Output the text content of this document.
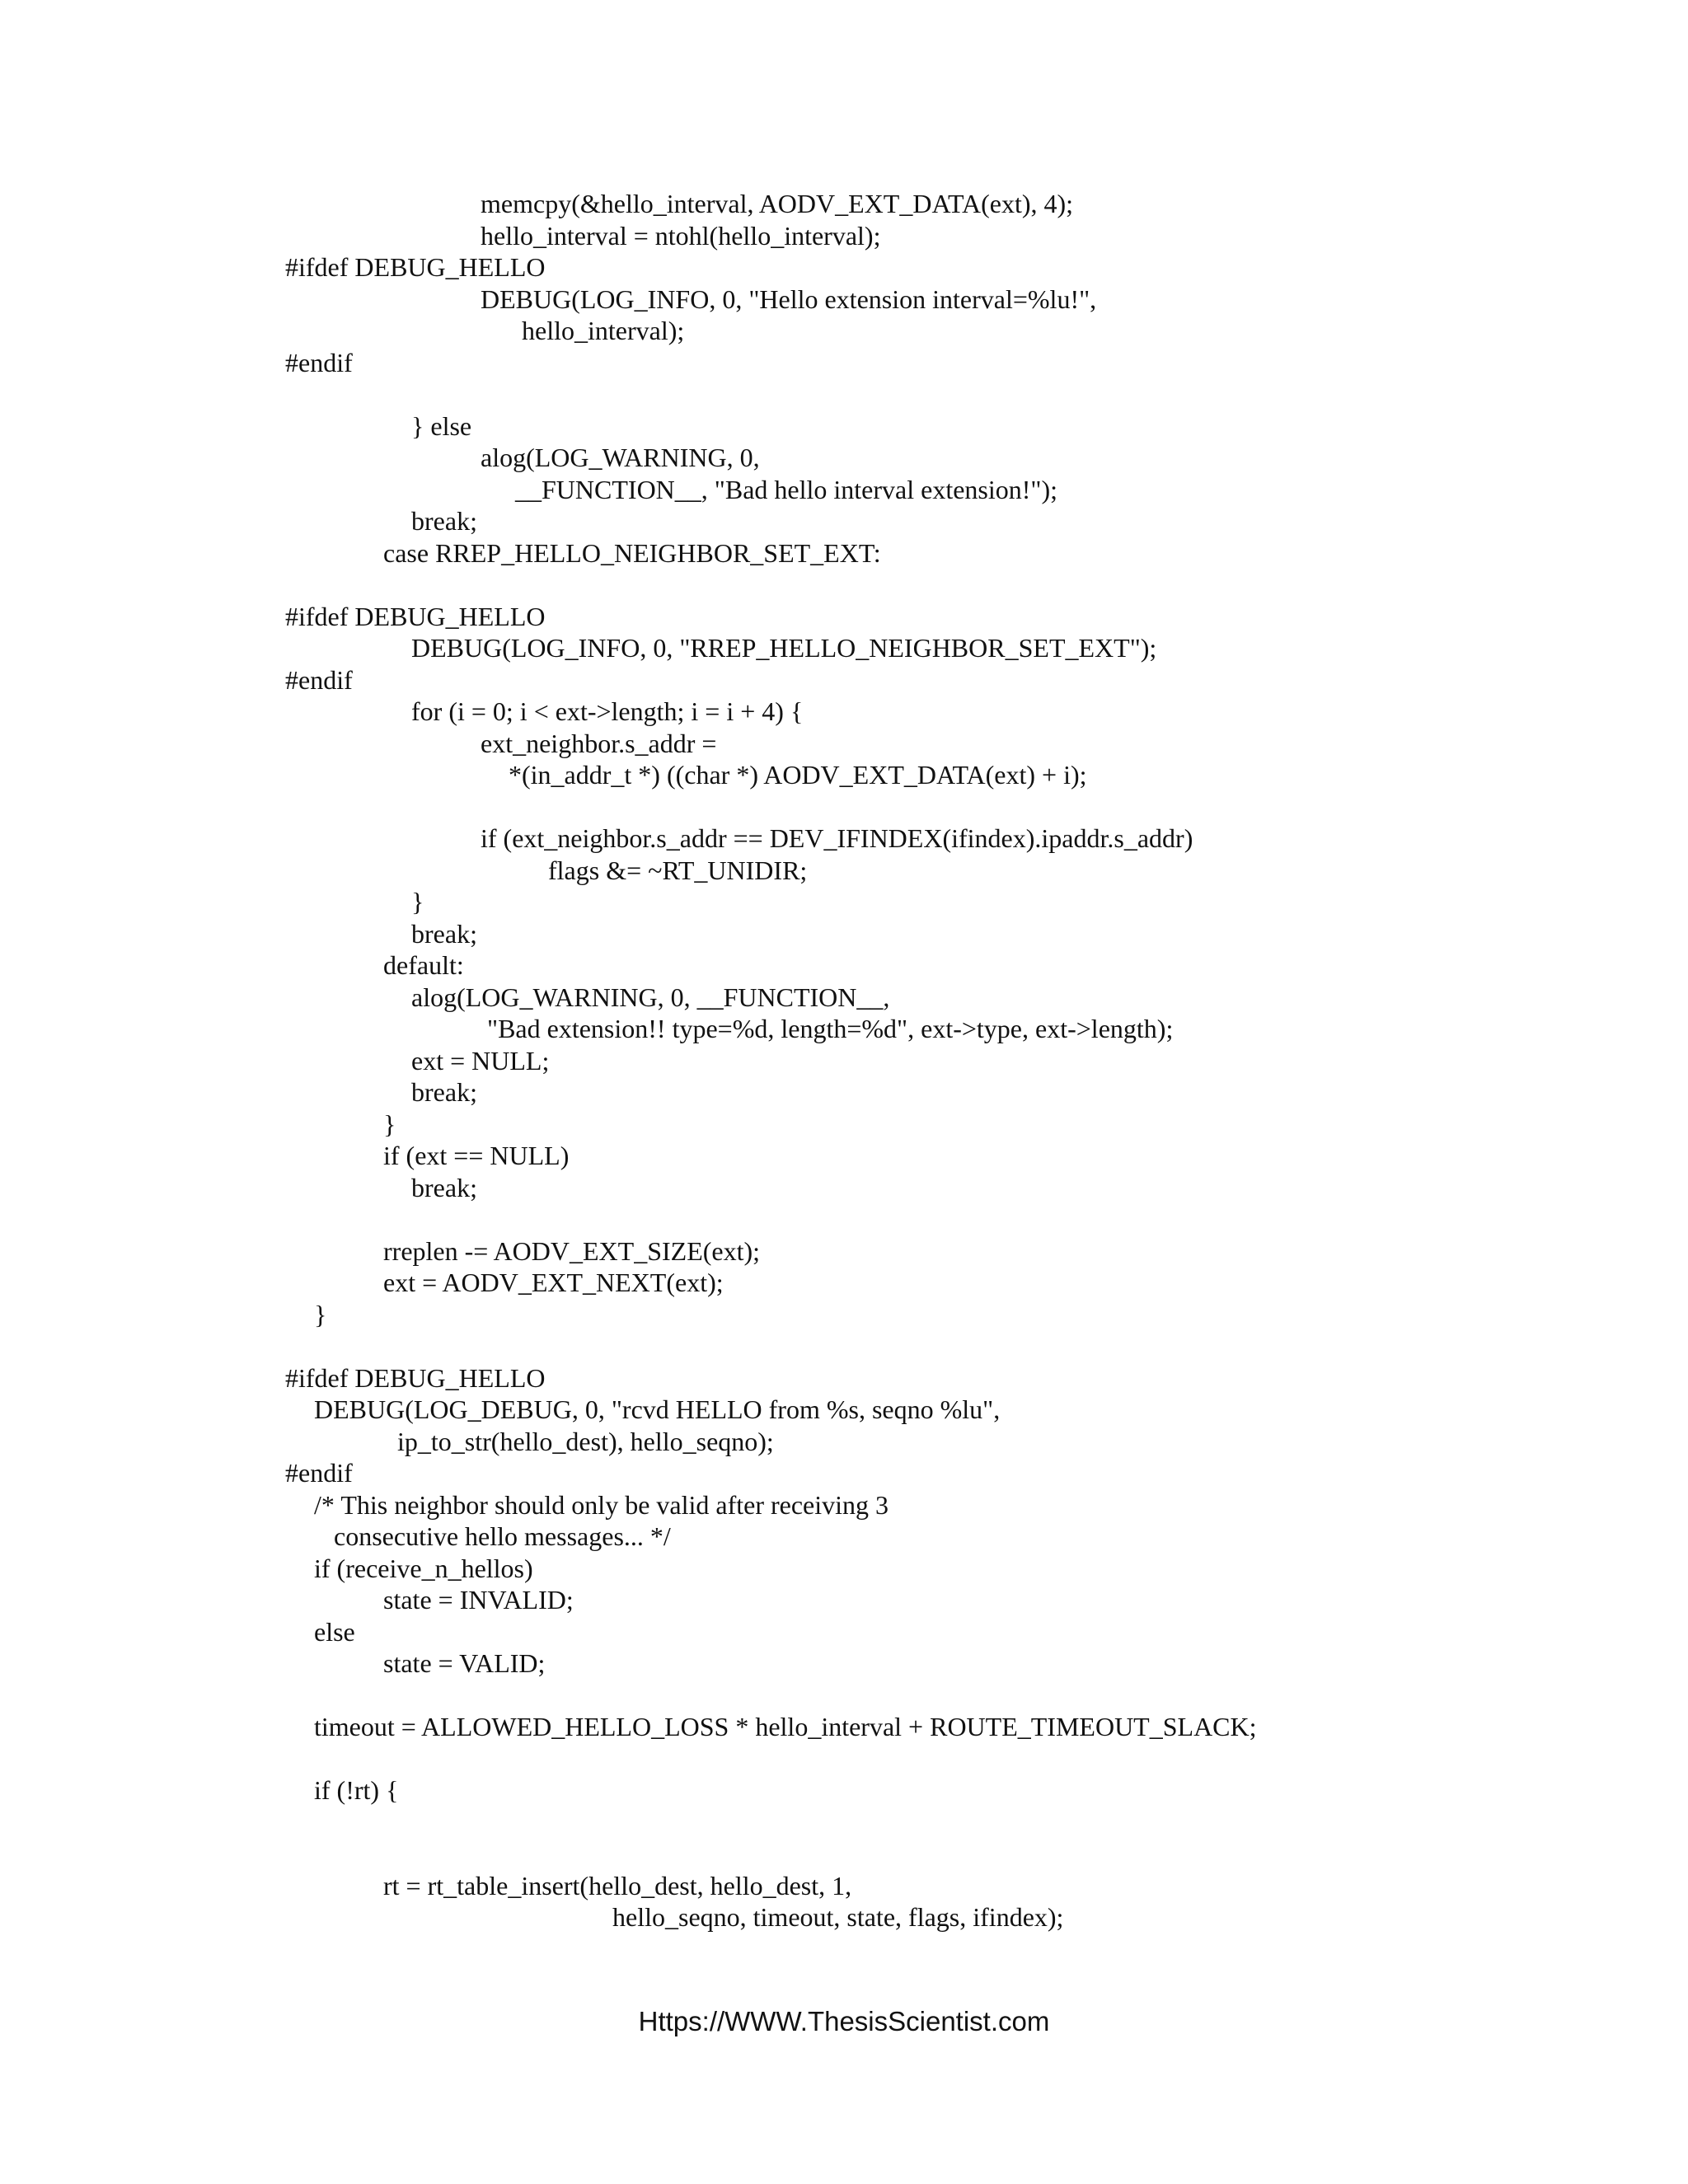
memcpy(&hello_interval, AODV_EXT_DATA(ext), 4);
hello_interval = ntohl(hello_interval);
#ifdef DEBUG_HELLO
DEBUG(LOG_INFO, 0, "Hello extension interval=%lu!",
hello_interval);
#endif
} else
alog(LOG_WARNING, 0,
__FUNCTION__, "Bad hello interval extension!");
break;
case RREP_HELLO_NEIGHBOR_SET_EXT:
#ifdef DEBUG_HELLO
DEBUG(LOG_INFO, 0, "RREP_HELLO_NEIGHBOR_SET_EXT");
#endif
for (i = 0; i < ext->length; i = i + 4) {
ext_neighbor.s_addr =
*(in_addr_t *) ((char *) AODV_EXT_DATA(ext) + i);
if (ext_neighbor.s_addr == DEV_IFINDEX(ifindex).ipaddr.s_addr)
flags &= ~RT_UNIDIR;
}
break;
default:
alog(LOG_WARNING, 0, __FUNCTION__,
"Bad extension!! type=%d, length=%d", ext->type, ext->length);
ext = NULL;
break;
}
if (ext == NULL)
break;
rreplen -= AODV_EXT_SIZE(ext);
ext = AODV_EXT_NEXT(ext);
}
#ifdef DEBUG_HELLO
DEBUG(LOG_DEBUG, 0, "rcvd HELLO from %s, seqno %lu",
ip_to_str(hello_dest), hello_seqno);
#endif
/* This neighbor should only be valid after receiving 3
consecutive hello messages... */
if (receive_n_hellos)
state = INVALID;
else
state = VALID;
timeout = ALLOWED_HELLO_LOSS * hello_interval + ROUTE_TIMEOUT_SLACK;
if (!rt) {
rt = rt_table_insert(hello_dest, hello_dest, 1,
hello_seqno, timeout, state, flags, ifindex);
Https://WWW.ThesisScientist.com
